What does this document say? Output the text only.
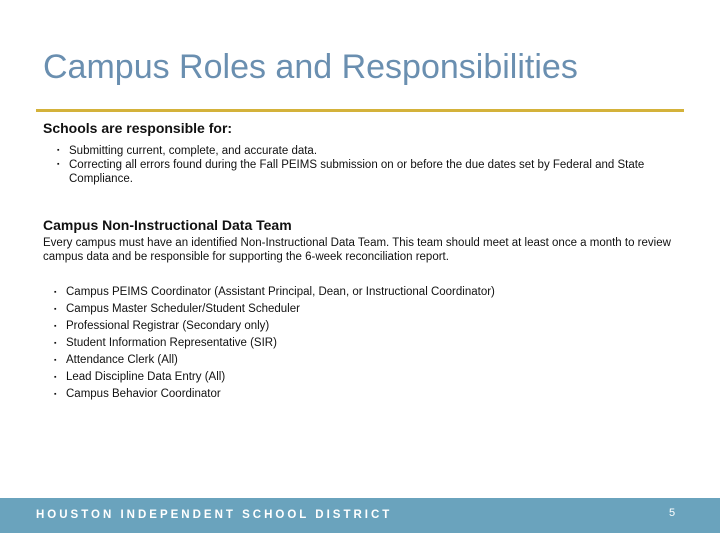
Campus Roles and Responsibilities
Schools are responsible for:
▪ Submitting current, complete, and accurate data.
▪ Correcting all errors found during the Fall PEIMS submission on or before the due dates set by Federal and State Compliance.
Campus Non-Instructional Data Team

Every campus must have an identified Non-Instructional Data Team. This team should meet at least once a month to review campus data and be responsible for supporting the 6-week reconciliation report.

▪ Campus PEIMS Coordinator (Assistant Principal, Dean, or Instructional Coordinator)
▪ Campus Master Scheduler/Student Scheduler
▪ Professional Registrar (Secondary only)
▪ Student Information Representative (SIR)
▪ Attendance Clerk (All)
▪ Lead Discipline Data Entry (All)
▪ Campus Behavior Coordinator
HOUSTON INDEPENDENT SCHOOL DISTRICT	5
